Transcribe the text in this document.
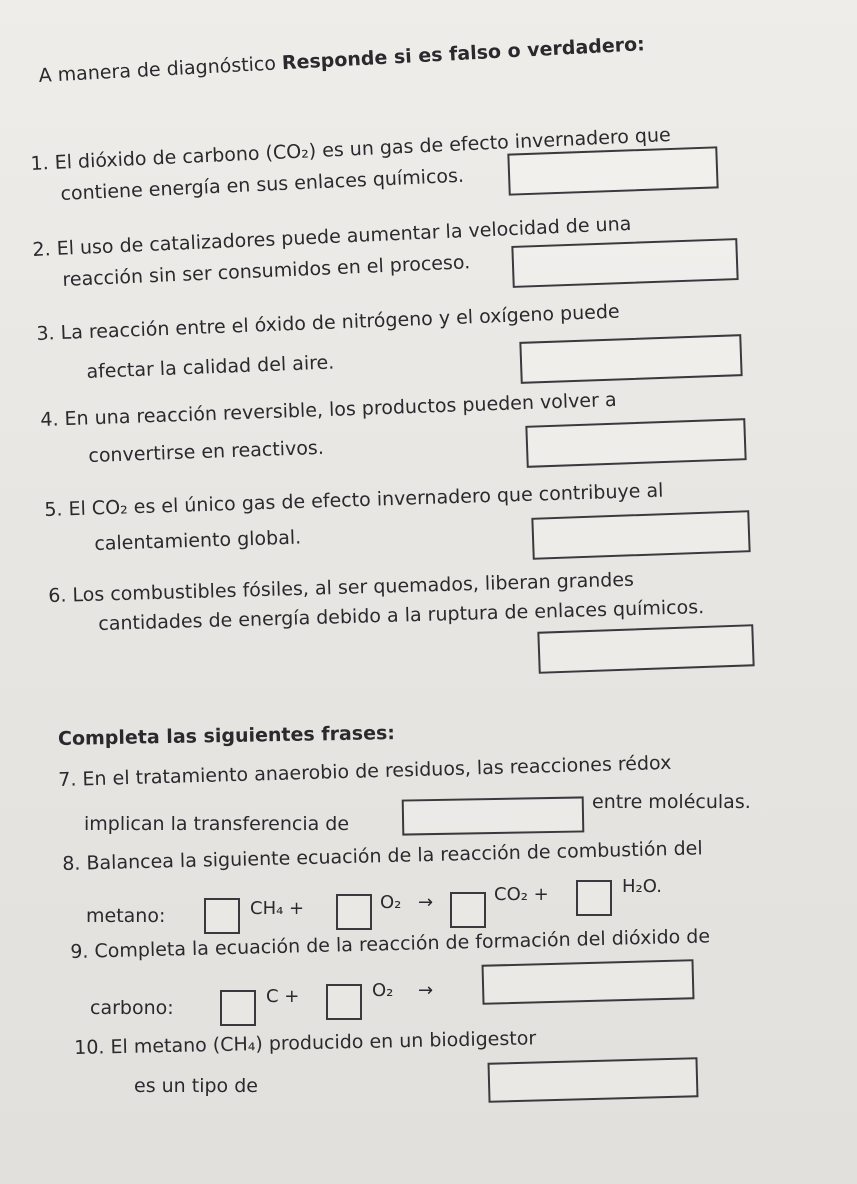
A manera de diagnóstico Responde si es falso o verdadero:
1. El dióxido de carbono (CO₂) es un gas de efecto invernadero que
contiene energía en sus enlaces químicos.
2. El uso de catalizadores puede aumentar la velocidad de una
reacción sin ser consumidos en el proceso.
3. La reacción entre el óxido de nitrógeno y el oxígeno puede
afectar la calidad del aire.
4. En una reacción reversible, los productos pueden volver a
convertirse en reactivos.
5. El CO₂ es el único gas de efecto invernadero que contribuye al
calentamiento global.
6. Los combustibles fósiles, al ser quemados, liberan grandes
cantidades de energía debido a la ruptura de enlaces químicos.
Completa las siguientes frases:
7. En el tratamiento anaerobio de residuos, las reacciones rédox
implican la transferencia de
entre moléculas.
8. Balancea la siguiente ecuación de la reacción de combustión del
metano:	CH₄ +	O₂ →	CO₂ +	H₂O.
9. Completa la ecuación de la reacción de formación del dióxido de
carbono:
C +	O₂ →
10. El metano (CH₄) producido en un biodigestor
es un tipo de
